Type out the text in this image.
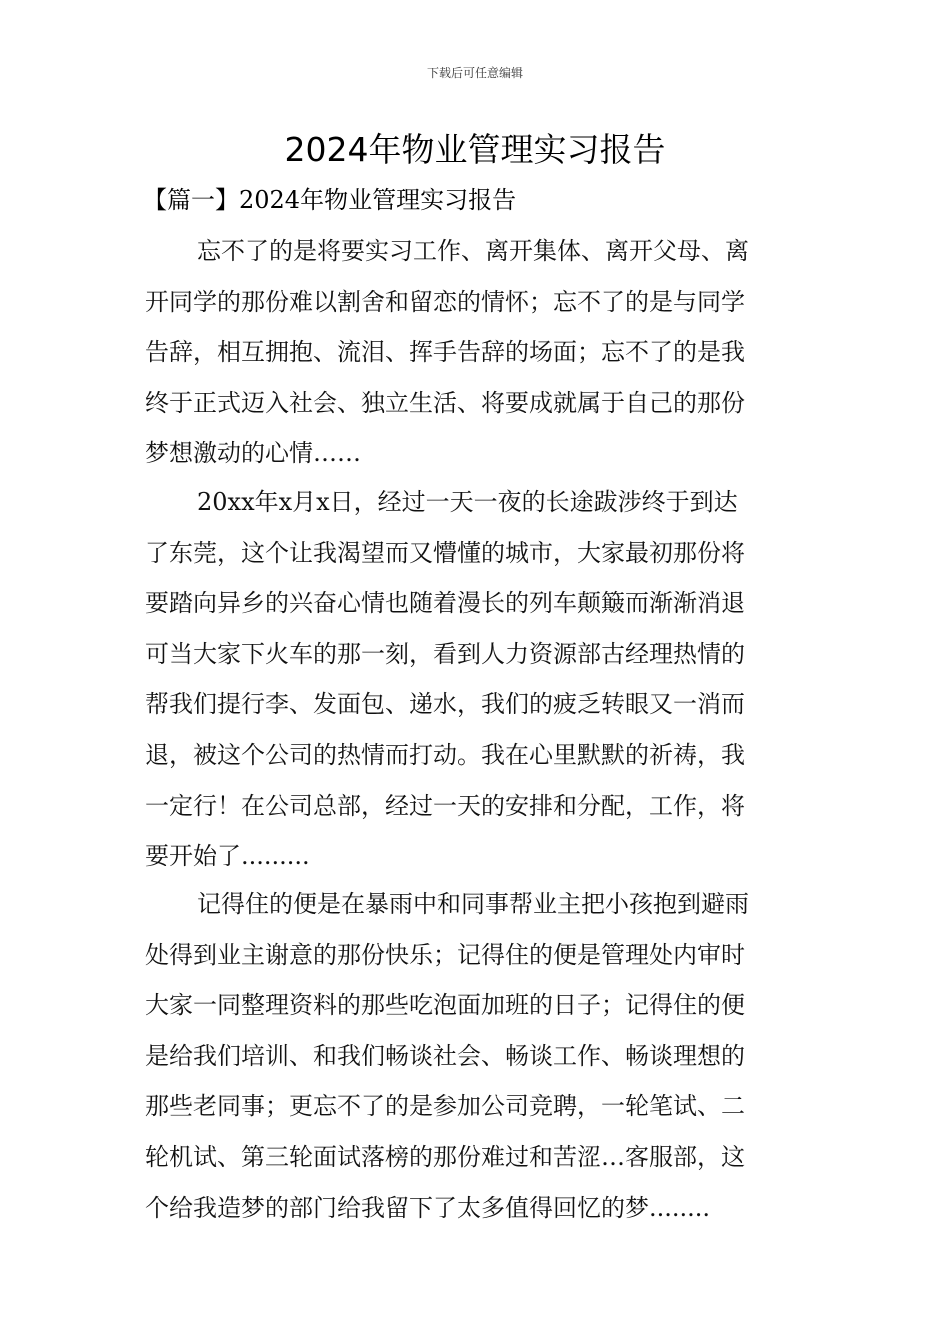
下载后可任意编辑
2024年物业管理实习报告
【篇一】2024年物业管理实习报告
忘不了的是将要实习工作、离开集体、离开父母、离
开同学的那份难以割舍和留恋的情怀；忘不了的是与同学
告辞，相互拥抱、流泪、挥手告辞的场面；忘不了的是我
终于正式迈入社会、独立生活、将要成就属于自己的那份
梦想激动的心情……
20xx年x月x日，经过一天一夜的长途跋涉终于到达
了东莞，这个让我渴望而又懵懂的城市，大家最初那份将
要踏向异乡的兴奋心情也随着漫长的列车颠簸而渐渐消退
可当大家下火车的那一刻，看到人力资源部古经理热情的
帮我们提行李、发面包、递水，我们的疲乏转眼又一消而
退，被这个公司的热情而打动。我在心里默默的祈祷，我
一定行！在公司总部，经过一天的安排和分配，工作，将
要开始了.........
记得住的便是在暴雨中和同事帮业主把小孩抱到避雨
处得到业主谢意的那份快乐；记得住的便是管理处内审时
大家一同整理资料的那些吃泡面加班的日子；记得住的便
是给我们培训、和我们畅谈社会、畅谈工作、畅谈理想的
那些老同事；更忘不了的是参加公司竞聘，一轮笔试、二
轮机试、第三轮面试落榜的那份难过和苦涩…客服部，这
个给我造梦的部门给我留下了太多值得回忆的梦........
